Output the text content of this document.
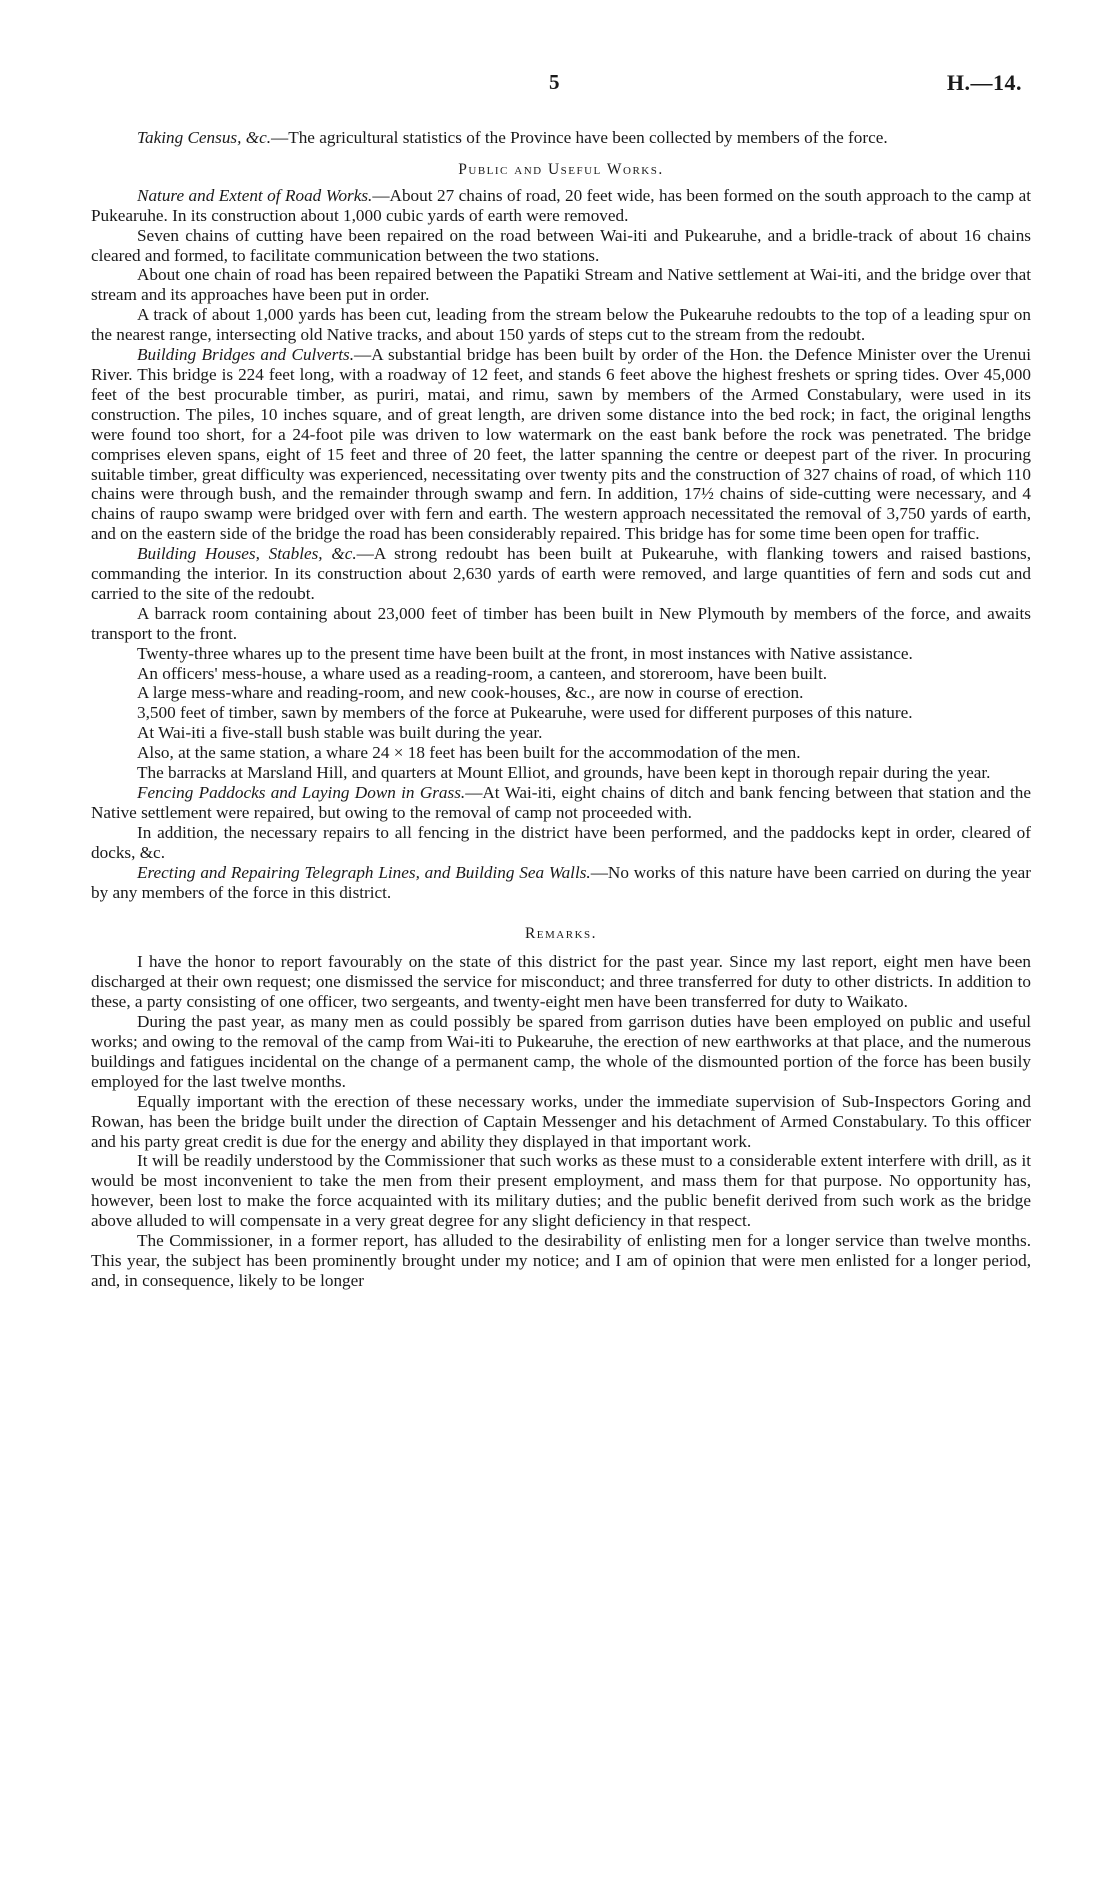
5	H.—14.

Taking Census, &c.—The agricultural statistics of the Province have been collected by members of the force.

Public and Useful Works.

Nature and Extent of Road Works.—About 27 chains of road, 20 feet wide, has been formed on the south approach to the camp at Pukearuhe. In its construction about 1,000 cubic yards of earth were removed.

Seven chains of cutting have been repaired on the road between Wai-iti and Pukearuhe, and a bridle-track of about 16 chains cleared and formed, to facilitate communication between the two stations.

About one chain of road has been repaired between the Papatiki Stream and Native settlement at Wai-iti, and the bridge over that stream and its approaches have been put in order.

A track of about 1,000 yards has been cut, leading from the stream below the Pukearuhe redoubts to the top of a leading spur on the nearest range, intersecting old Native tracks, and about 150 yards of steps cut to the stream from the redoubt.

Building Bridges and Culverts.—A substantial bridge has been built by order of the Hon. the Defence Minister over the Urenui River. This bridge is 224 feet long, with a roadway of 12 feet, and stands 6 feet above the highest freshets or spring tides. Over 45,000 feet of the best procurable timber, as puriri, matai, and rimu, sawn by members of the Armed Constabulary, were used in its construction. The piles, 10 inches square, and of great length, are driven some distance into the bed rock; in fact, the original lengths were found too short, for a 24-foot pile was driven to low watermark on the east bank before the rock was penetrated. The bridge comprises eleven spans, eight of 15 feet and three of 20 feet, the latter spanning the centre or deepest part of the river. In procuring suitable timber, great difficulty was experienced, necessitating over twenty pits and the construction of 327 chains of road, of which 110 chains were through bush, and the remainder through swamp and fern. In addition, 17½ chains of side-cutting were necessary, and 4 chains of raupo swamp were bridged over with fern and earth. The western approach necessitated the removal of 3,750 yards of earth, and on the eastern side of the bridge the road has been considerably repaired. This bridge has for some time been open for traffic.

Building Houses, Stables, &c.—A strong redoubt has been built at Pukearuhe, with flanking towers and raised bastions, commanding the interior. In its construction about 2,630 yards of earth were removed, and large quantities of fern and sods cut and carried to the site of the redoubt.

A barrack room containing about 23,000 feet of timber has been built in New Plymouth by members of the force, and awaits transport to the front.

Twenty-three whares up to the present time have been built at the front, in most instances with Native assistance.

An officers' mess-house, a whare used as a reading-room, a canteen, and storeroom, have been built.

A large mess-whare and reading-room, and new cook-houses, &c., are now in course of erection.

3,500 feet of timber, sawn by members of the force at Pukearuhe, were used for different purposes of this nature.

At Wai-iti a five-stall bush stable was built during the year.

Also, at the same station, a whare 24 × 18 feet has been built for the accommodation of the men.

The barracks at Marsland Hill, and quarters at Mount Elliot, and grounds, have been kept in thorough repair during the year.

Fencing Paddocks and Laying Down in Grass.—At Wai-iti, eight chains of ditch and bank fencing between that station and the Native settlement were repaired, but owing to the removal of camp not proceeded with.

In addition, the necessary repairs to all fencing in the district have been performed, and the paddocks kept in order, cleared of docks, &c.

Erecting and Repairing Telegraph Lines, and Building Sea Walls.—No works of this nature have been carried on during the year by any members of the force in this district.

Remarks.

I have the honor to report favourably on the state of this district for the past year. Since my last report, eight men have been discharged at their own request; one dismissed the service for misconduct; and three transferred for duty to other districts. In addition to these, a party consisting of one officer, two sergeants, and twenty-eight men have been transferred for duty to Waikato.

During the past year, as many men as could possibly be spared from garrison duties have been employed on public and useful works; and owing to the removal of the camp from Wai-iti to Pukearuhe, the erection of new earthworks at that place, and the numerous buildings and fatigues incidental on the change of a permanent camp, the whole of the dismounted portion of the force has been busily employed for the last twelve months.

Equally important with the erection of these necessary works, under the immediate supervision of Sub-Inspectors Goring and Rowan, has been the bridge built under the direction of Captain Messenger and his detachment of Armed Constabulary. To this officer and his party great credit is due for the energy and ability they displayed in that important work.

It will be readily understood by the Commissioner that such works as these must to a considerable extent interfere with drill, as it would be most inconvenient to take the men from their present employment, and mass them for that purpose. No opportunity has, however, been lost to make the force acquainted with its military duties; and the public benefit derived from such work as the bridge above alluded to will compensate in a very great degree for any slight deficiency in that respect.

The Commissioner, in a former report, has alluded to the desirability of enlisting men for a longer service than twelve months. This year, the subject has been prominently brought under my notice; and I am of opinion that were men enlisted for a longer period, and, in consequence, likely to be longer
